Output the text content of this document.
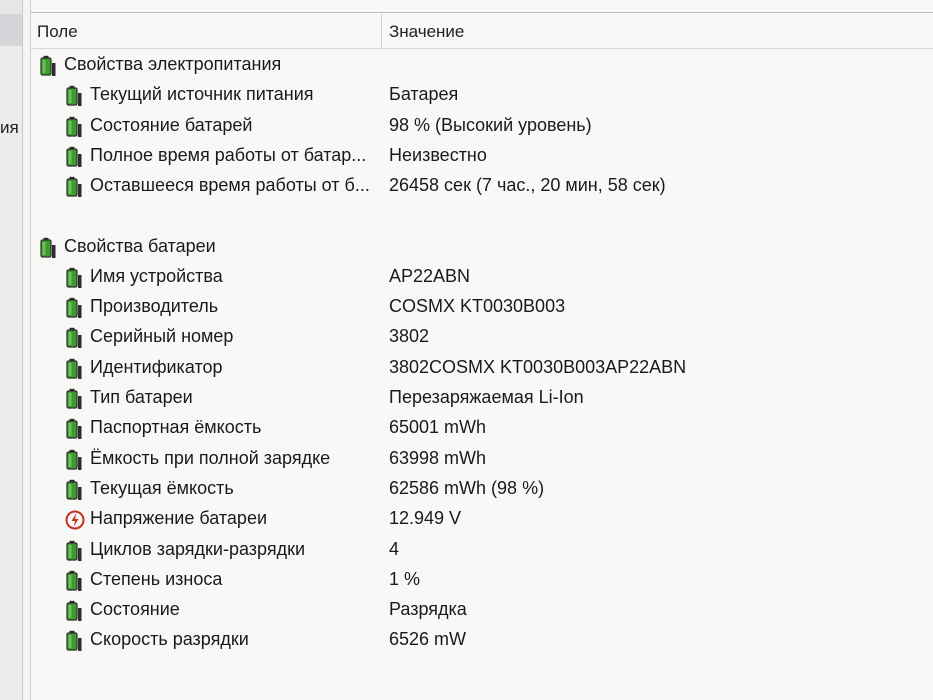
ия
Поле	Значение
Свойства электропитания
Текущий источник питания	Батарея
Состояние батарей	98 % (Высокий уровень)
Полное время работы от батар...	Неизвестно
Оставшееся время работы от б...	26458 сек (7 час., 20 мин, 58 сек)
Свойства батареи
Имя устройства	AP22ABN
Производитель	COSMX KT0030B003
Серийный номер	3802
Идентификатор	3802COSMX KT0030B003AP22ABN
Тип батареи	Перезаряжаемая Li-Ion
Паспортная ёмкость	65001 mWh
Ёмкость при полной зарядке	63998 mWh
Текущая ёмкость	62586 mWh (98 %)
Напряжение батареи	12.949 V
Циклов зарядки-разрядки	4
Степень износа	1 %
Состояние	Разрядка
Скорость разрядки	6526 mW
